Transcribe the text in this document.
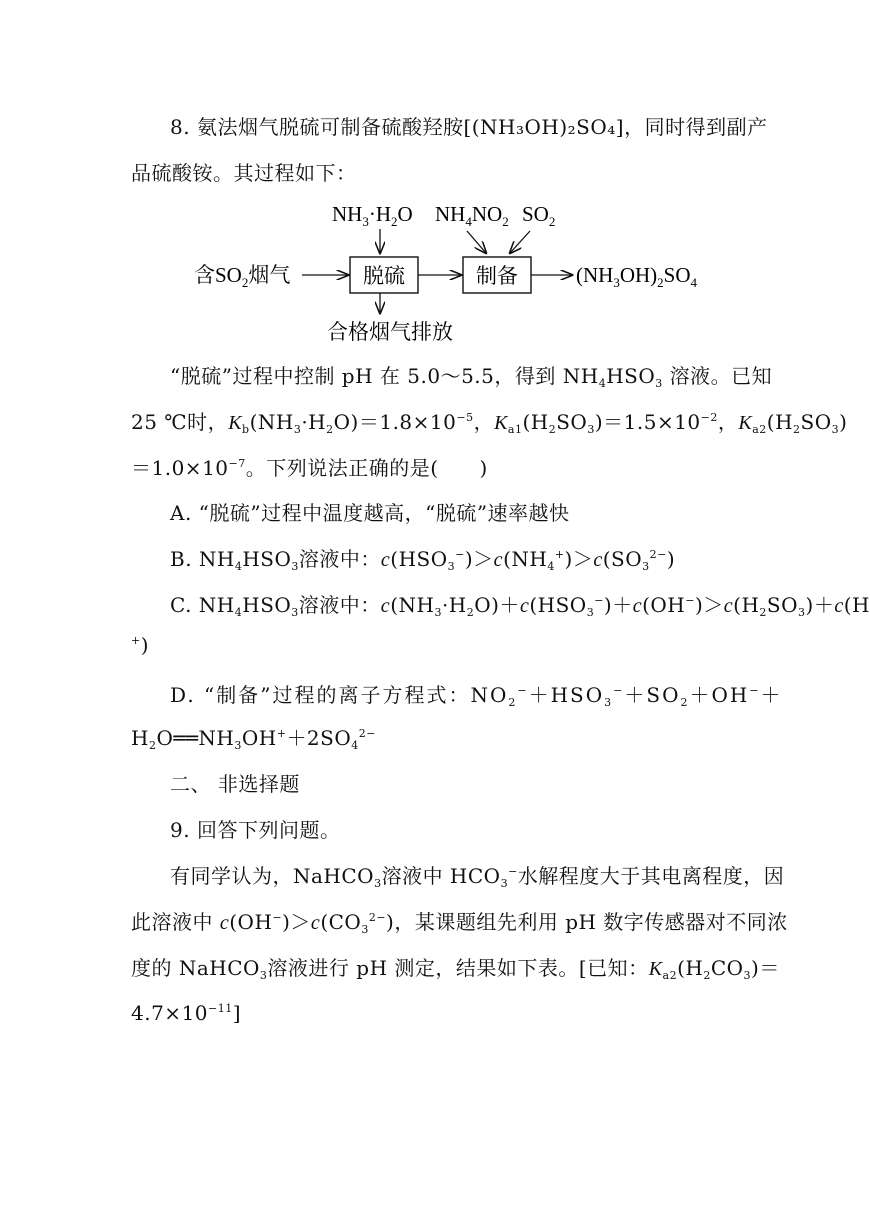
8. 氨法烟气脱硫可制备硫酸羟胺[(NH₃OH)₂SO₄]，同时得到副产
品硫酸铵。其过程如下：
$NH_3\cdot H_2O$ $NH_4NO_2$ $SO_2$
含$SO_2$烟气	脱硫	制备	$(NH_3OH)_2SO_4$
合格烟气排放
“脱硫”过程中控制 pH 在 5.0～5.5，得到 $NH_4HSO_3$ 溶液。已知
25 ℃时，$K_b(NH_3\cdot H_2O)=1.8\times 10^{-5}$，$K_{a1}(H_2SO_3)=1.5\times 10^{-2}$，$K_{a2}(H_2SO_3)$
$=1.0\times 10^{-7}$。下列说法正确的是(　　)
A. “脱硫”过程中温度越高，“脱硫”速率越快
B. $NH_4HSO_3$溶液中：$c(HSO_3^-)>c(NH_4^+)>c(SO_3^{2-})$
C. $NH_4HSO_3$溶液中：$c(NH_3\cdot H_2O)+c(HSO_3^-)+c(OH^-)>c(H_2SO_3)+c(H$
+)
D. “制备”过程的离子方程式：$NO_2^-+HSO_3^-+SO_2+OH^-+$
$H_2O══NH_3OH^++2SO_4^{2-}$
二、 非选择题
9. 回答下列问题。
有同学认为，NaHCO$_3$溶液中 $HCO_3^-$水解程度大于其电离程度，因
此溶液中 $c(OH^-)>c(CO_3^{2-})$，某课题组先利用 pH 数字传感器对不同浓
度的 NaHCO$_3$溶液进行 pH 测定，结果如下表。[已知：$K_{a2}(H_2CO_3)=$
$4.7\times 10^{-11}$]
